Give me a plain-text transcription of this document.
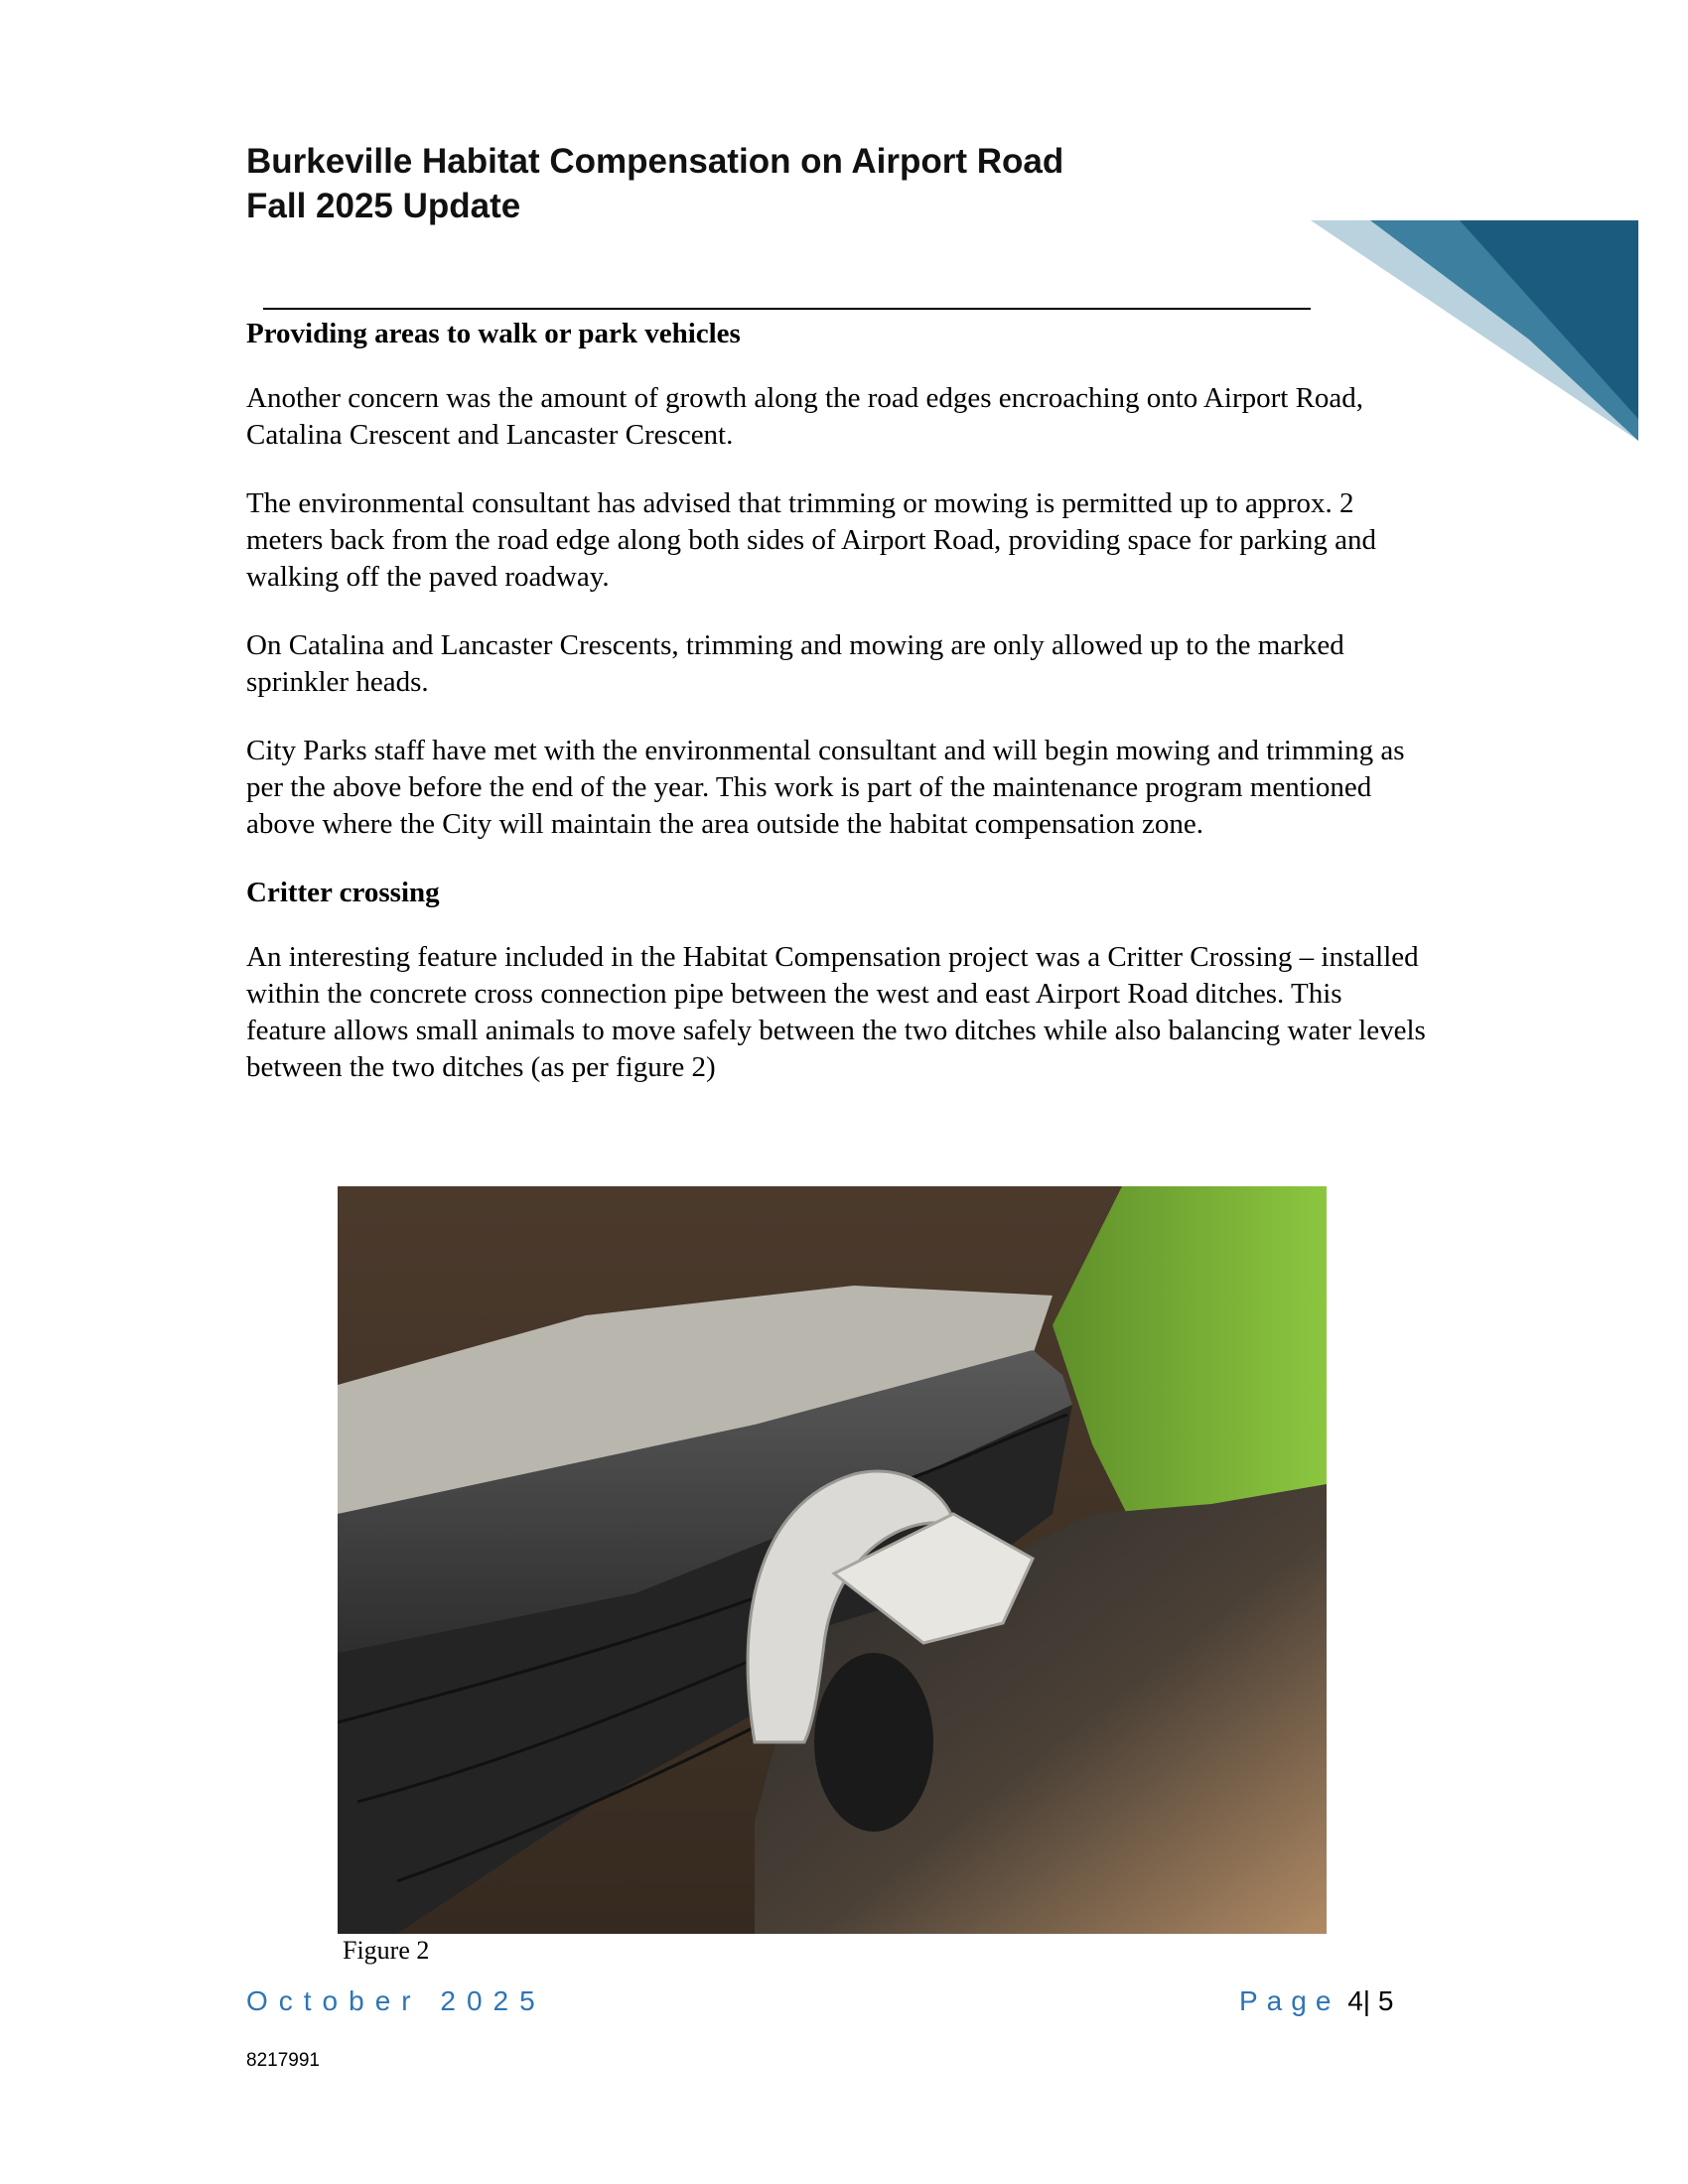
Burkeville Habitat Compensation on Airport Road
Fall 2025 Update
Providing areas to walk or park vehicles

Another concern was the amount of growth along the road edges encroaching onto Airport Road, Catalina Crescent and Lancaster Crescent.

The environmental consultant has advised that trimming or mowing is permitted up to approx. 2 meters back from the road edge along both sides of Airport Road, providing space for parking and walking off the paved roadway.

On Catalina and Lancaster Crescents, trimming and mowing are only allowed up to the marked sprinkler heads.

City Parks staff have met with the environmental consultant and will begin mowing and trimming as per the above before the end of the year. This work is part of the maintenance program mentioned above where the City will maintain the area outside the habitat compensation zone.

Critter crossing

An interesting feature included in the Habitat Compensation project was a Critter Crossing – installed within the concrete cross connection pipe between the west and east Airport Road ditches. This feature allows small animals to move safely between the two ditches while also balancing water levels between the two ditches (as per figure 2)

Figure 2
October 2025	Page 4| 5
8217991
